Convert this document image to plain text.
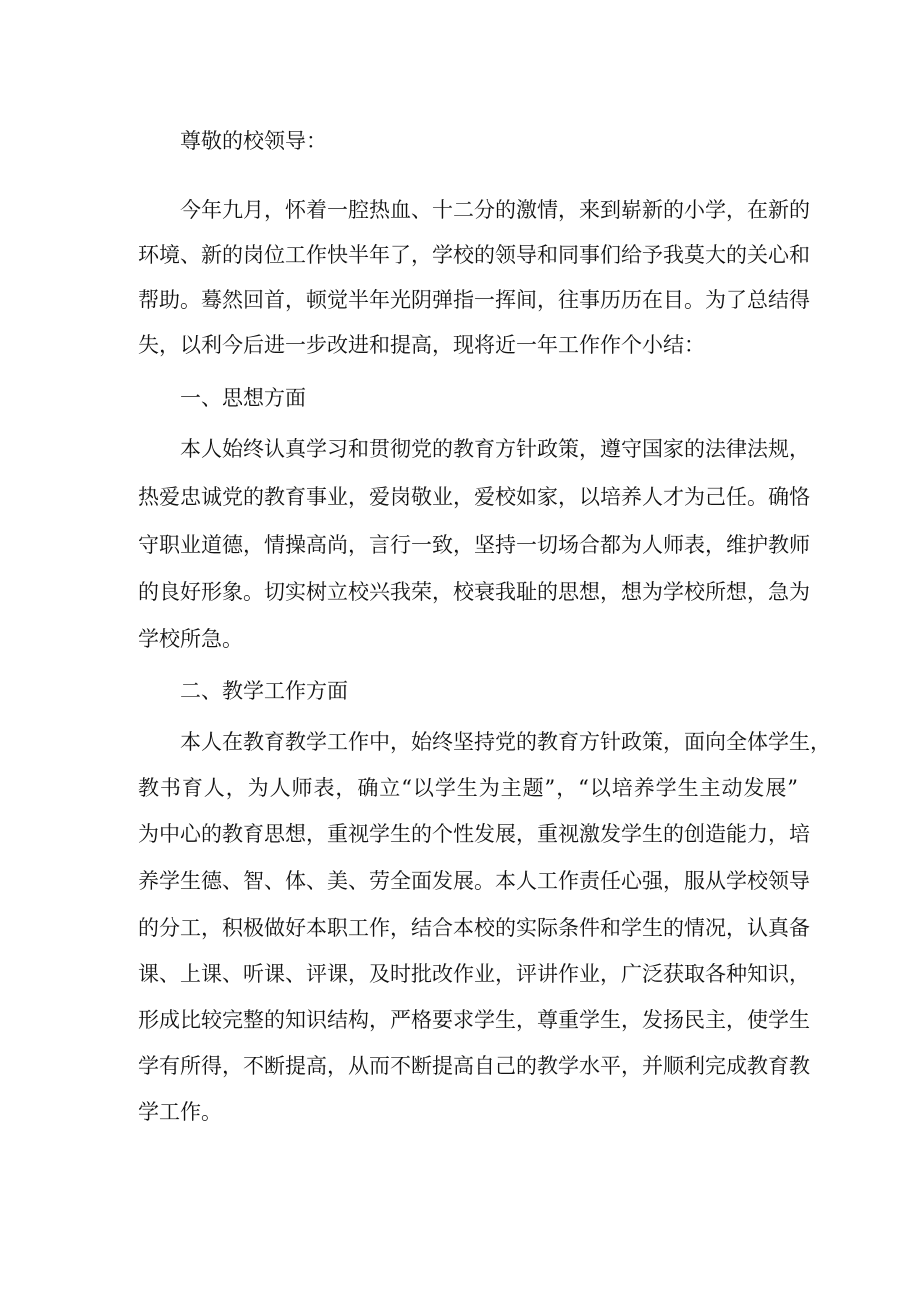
尊敬的校领导：
今年九月，怀着一腔热血、十二分的激情，来到崭新的小学，在新的
环境、新的岗位工作快半年了，学校的领导和同事们给予我莫大的关心和
帮助。蓦然回首，顿觉半年光阴弹指一挥间，往事历历在目。为了总结得
失，以利今后进一步改进和提高，现将近一年工作作个小结：
一、思想方面
本人始终认真学习和贯彻党的教育方针政策，遵守国家的法律法规，
热爱忠诚党的教育事业，爱岗敬业，爱校如家，以培养人才为己任。确恪
守职业道德，情操高尚，言行一致，坚持一切场合都为人师表，维护教师
的良好形象。切实树立校兴我荣，校衰我耻的思想，想为学校所想，急为
学校所急。
二、教学工作方面
本人在教育教学工作中，始终坚持党的教育方针政策，面向全体学生，
教书育人，为人师表，确立“以学生为主题”，“以培养学生主动发展”
为中心的教育思想，重视学生的个性发展，重视激发学生的创造能力，培
养学生德、智、体、美、劳全面发展。本人工作责任心强，服从学校领导
的分工，积极做好本职工作，结合本校的实际条件和学生的情况，认真备
课、上课、听课、评课，及时批改作业，评讲作业，广泛获取各种知识，
形成比较完整的知识结构，严格要求学生，尊重学生，发扬民主，使学生
学有所得，不断提高，从而不断提高自己的教学水平，并顺利完成教育教
学工作。
